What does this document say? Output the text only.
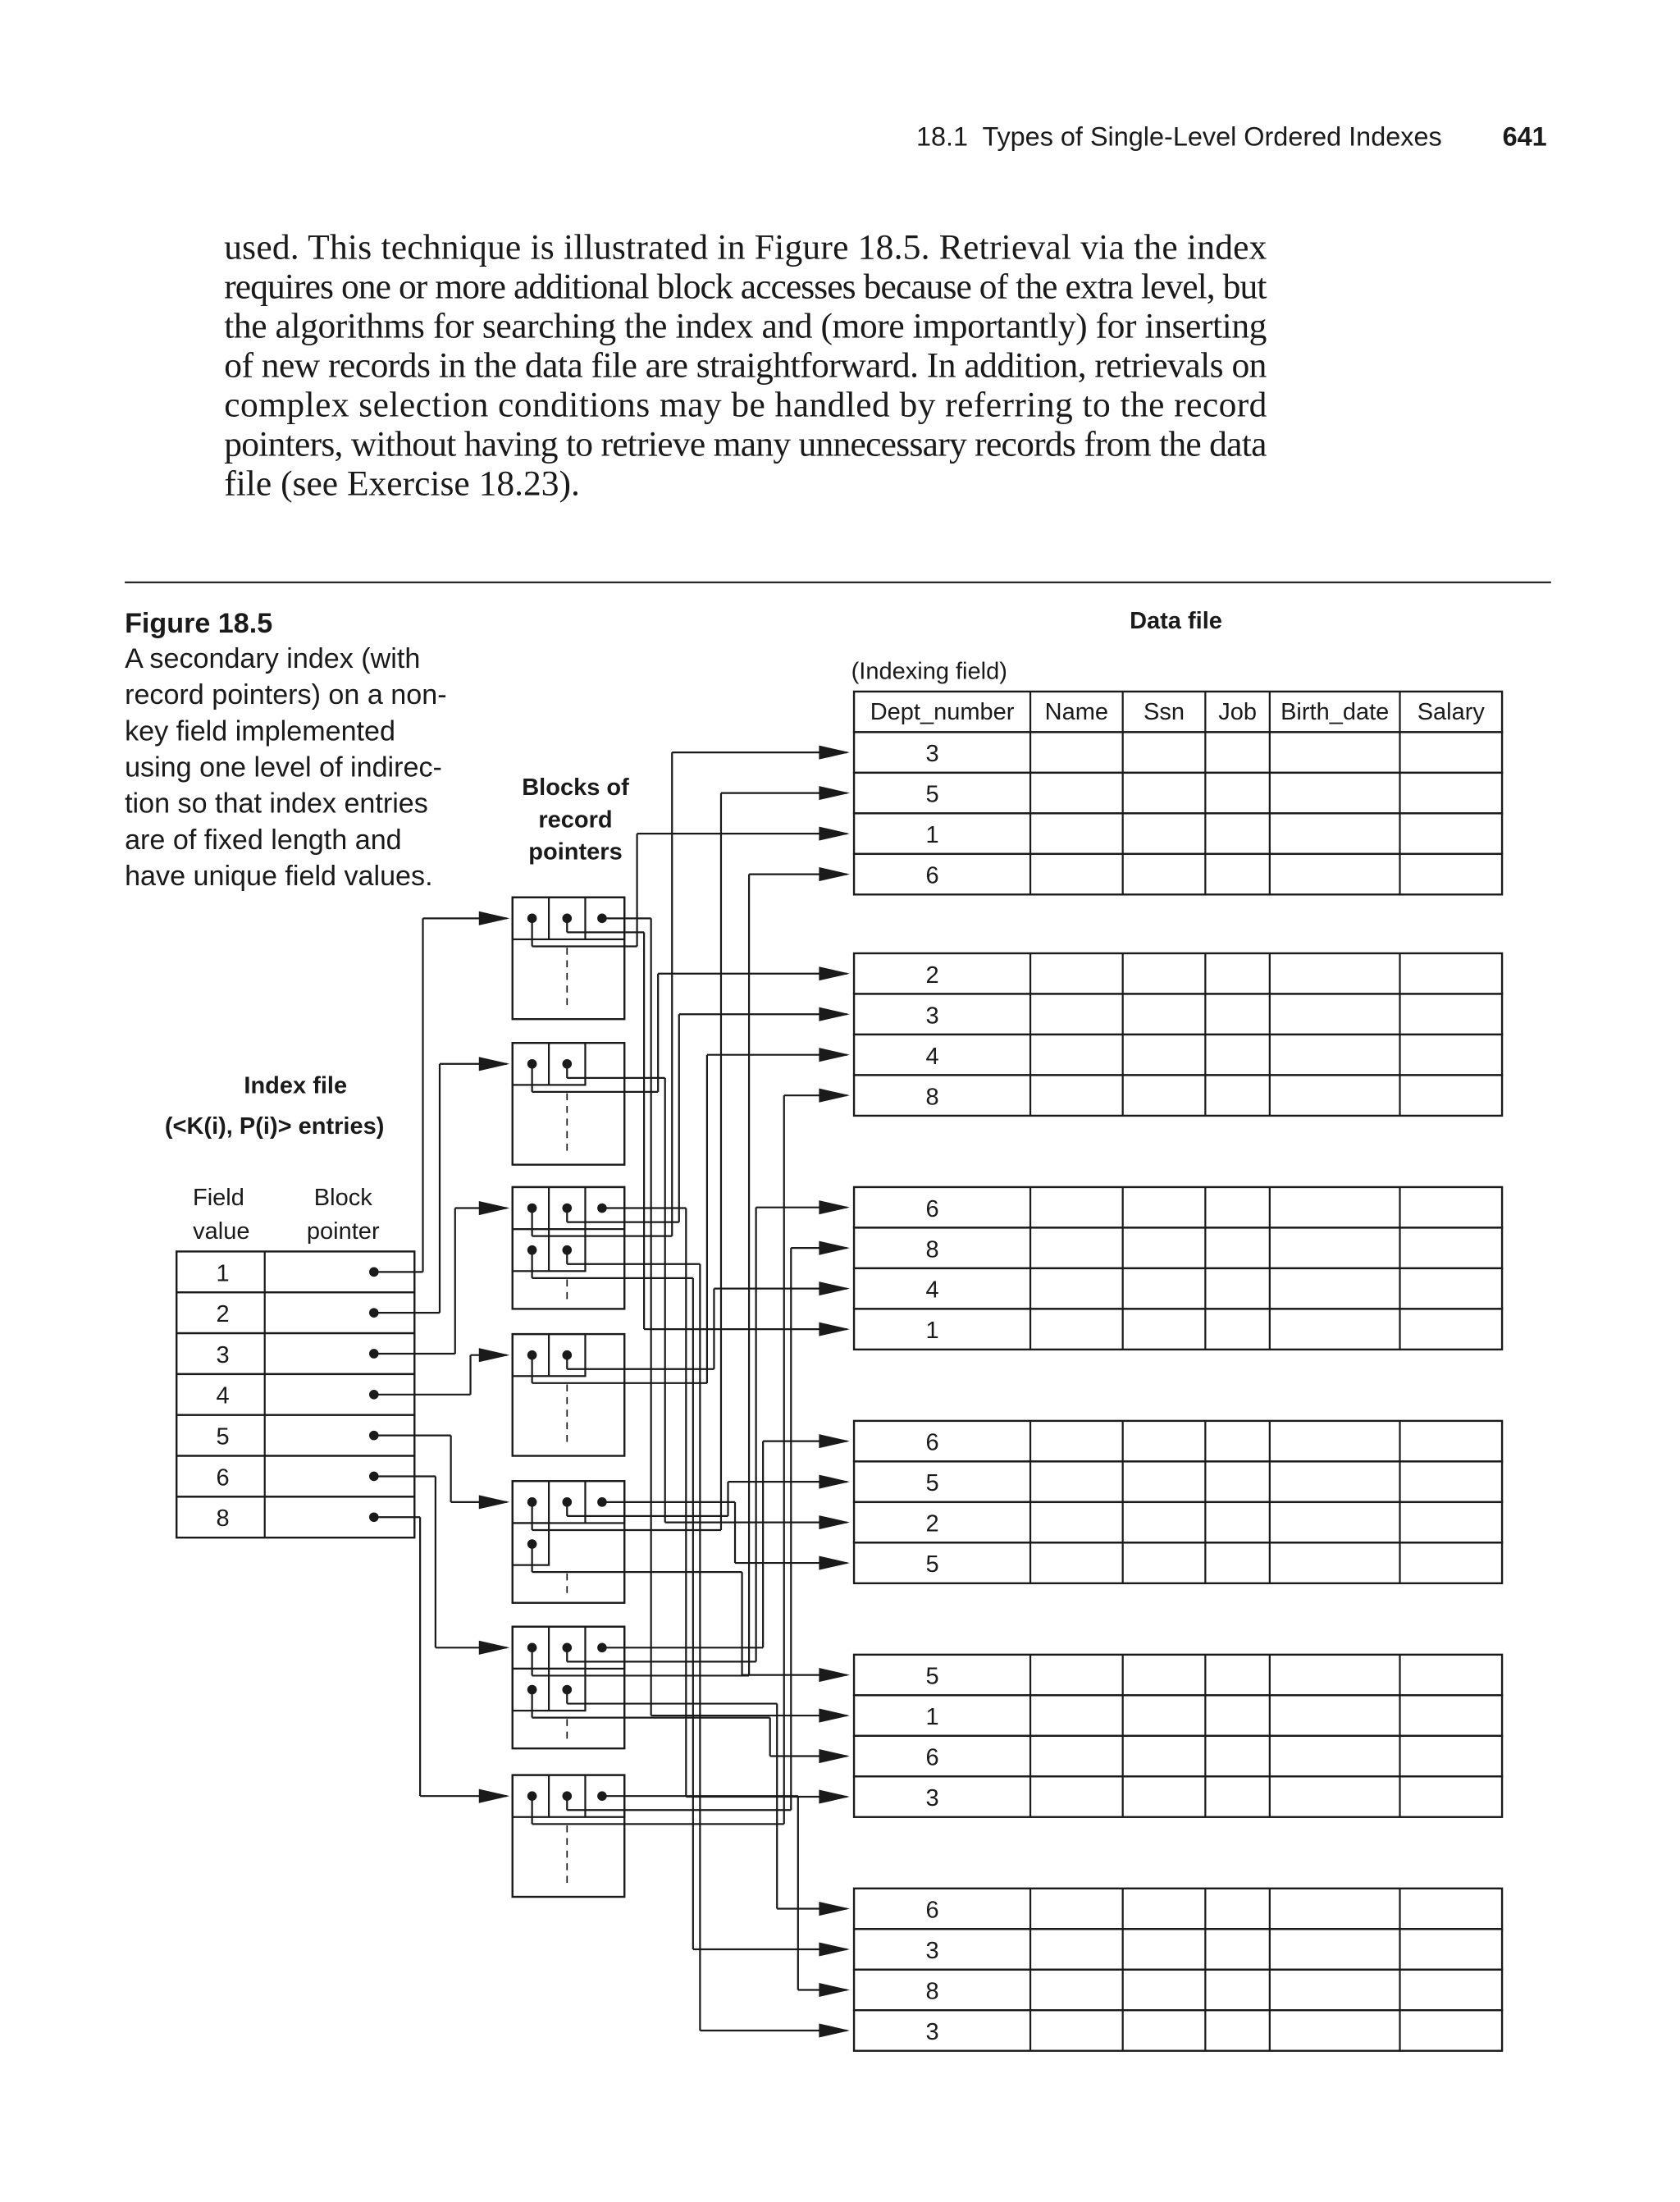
18.1  Types of Single-Level Ordered Indexes	641
used. This technique is illustrated in Figure 18.5. Retrieval via the index
requires one or more additional block accesses because of the extra level, but
the algorithms for searching the index and (more importantly) for inserting
of new records in the data file are straightforward. In addition, retrievals on
complex selection conditions may be handled by referring to the record
pointers, without having to retrieve many unnecessary records from the data
file (see Exercise 18.23).
Figure 18.5
A secondary index (with
record pointers) on a non-
key field implemented
using one level of indirec-
tion so that index entries
are of fixed length and
have unique field values.
Data file
(Indexing field)
Blocks of
record
pointers
Index file
(<K(i), P(i)> entries)
Field
value
Block
pointer
Dept_number Name	Ssn Job Birth_date Salary
3
5
1
6
2
3
4
8
6
8
4
1
6
5
2
5
5
1
6
3
6
3
8
3
1
2
3
4
5
6
8
